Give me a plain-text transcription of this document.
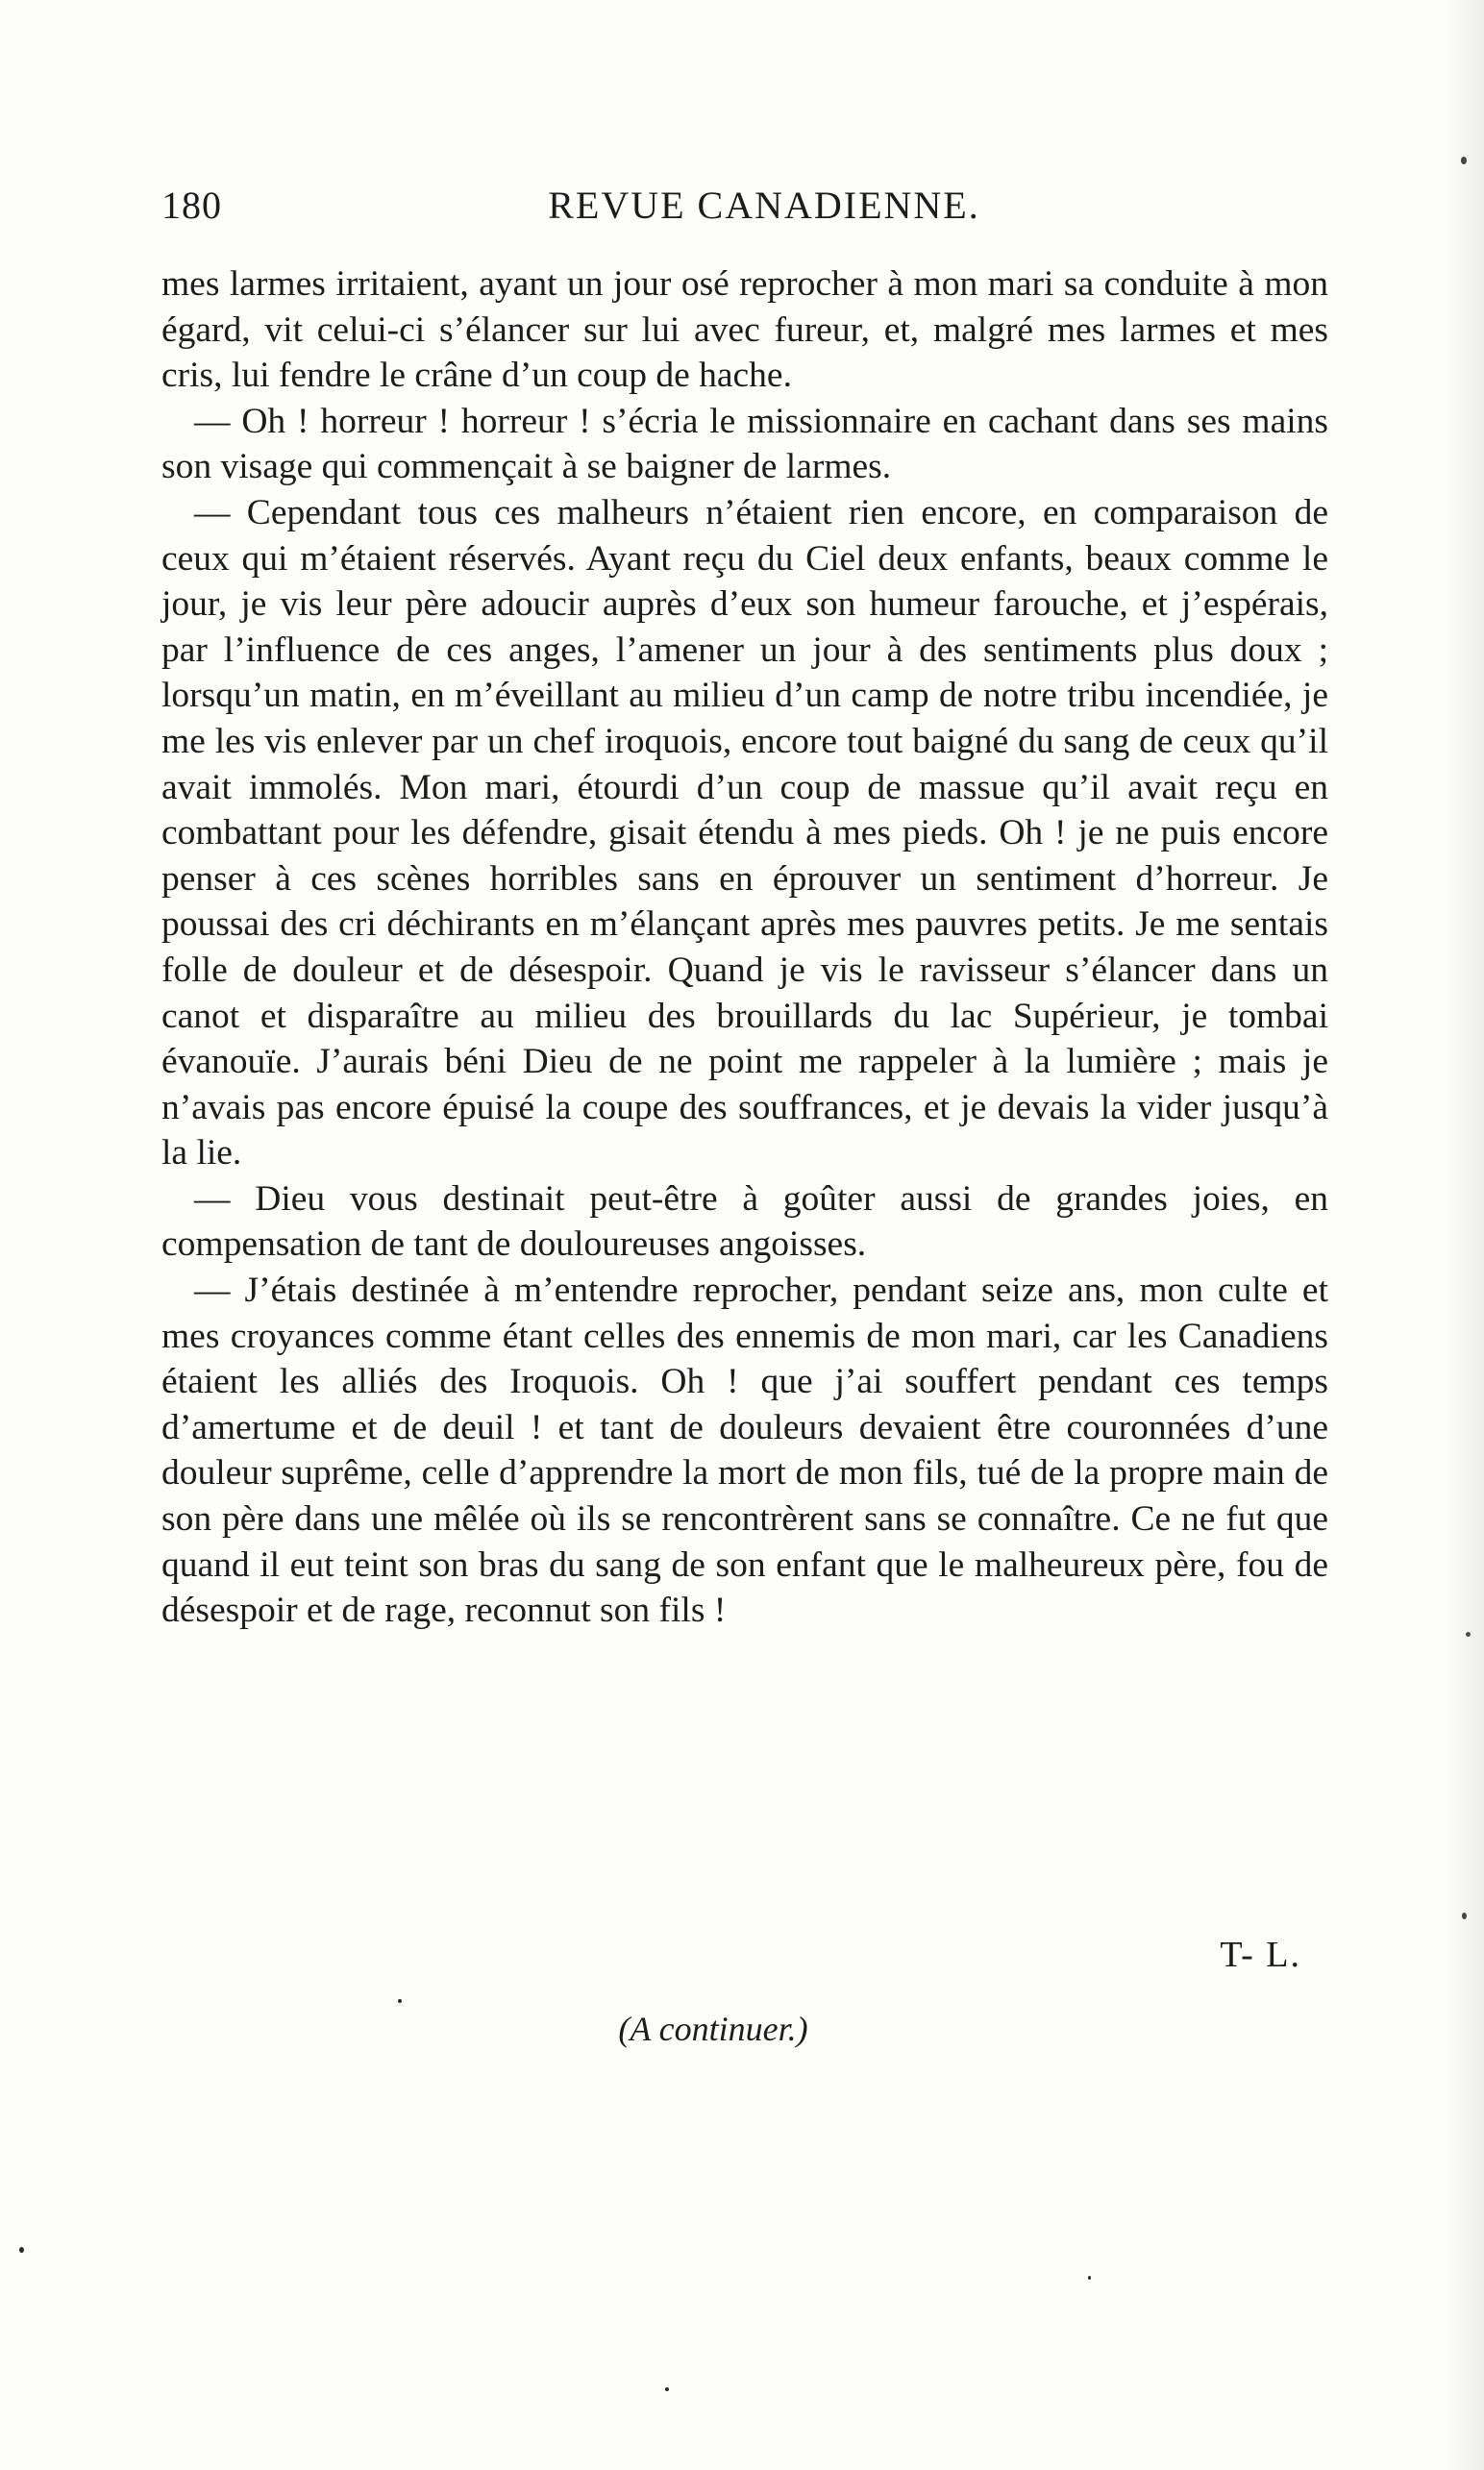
180	REVUE CANADIENNE.

mes larmes irritaient, ayant un jour osé reprocher à mon mari sa conduite à mon égard, vit celui-ci s’élancer sur lui avec fureur, et, malgré mes larmes et mes cris, lui fendre le crâne d’un coup de hache.

— Oh ! horreur ! horreur ! s’écria le missionnaire en cachant dans ses mains son visage qui commençait à se baigner de larmes.

— Cependant tous ces malheurs n’étaient rien encore, en comparaison de ceux qui m’étaient réservés. Ayant reçu du Ciel deux enfants, beaux comme le jour, je vis leur père adoucir auprès d’eux son humeur farouche, et j’espérais, par l’influence de ces anges, l’amener un jour à des sentiments plus doux ; lorsqu’un matin, en m’éveillant au milieu d’un camp de notre tribu incendiée, je me les vis enlever par un chef iroquois, encore tout baigné du sang de ceux qu’il avait immolés. Mon mari, étourdi d’un coup de massue qu’il avait reçu en combattant pour les défendre, gisait étendu à mes pieds. Oh ! je ne puis encore penser à ces scènes horribles sans en éprouver un sentiment d’horreur. Je poussai des cri déchirants en m’élançant après mes pauvres petits. Je me sentais folle de douleur et de désespoir. Quand je vis le ravisseur s’élancer dans un canot et disparaître au milieu des brouillards du lac Supérieur, je tombai évanouïe. J’aurais béni Dieu de ne point me rappeler à la lumière ; mais je n’avais pas encore épuisé la coupe des souffrances, et je devais la vider jusqu’à la lie.

— Dieu vous destinait peut-être à goûter aussi de grandes joies, en compensation de tant de douloureuses angoisses.

— J’étais destinée à m’entendre reprocher, pendant seize ans, mon culte et mes croyances comme étant celles des ennemis de mon mari, car les Canadiens étaient les alliés des Iroquois. Oh ! que j’ai souffert pendant ces temps d’amertume et de deuil ! et tant de douleurs devaient être couronnées d’une douleur suprême, celle d’apprendre la mort de mon fils, tué de la propre main de son père dans une mêlée où ils se rencontrèrent sans se connaître. Ce ne fut que quand il eut teint son bras du sang de son enfant que le malheureux père, fou de désespoir et de rage, reconnut son fils !

T- L.
(A continuer.)
